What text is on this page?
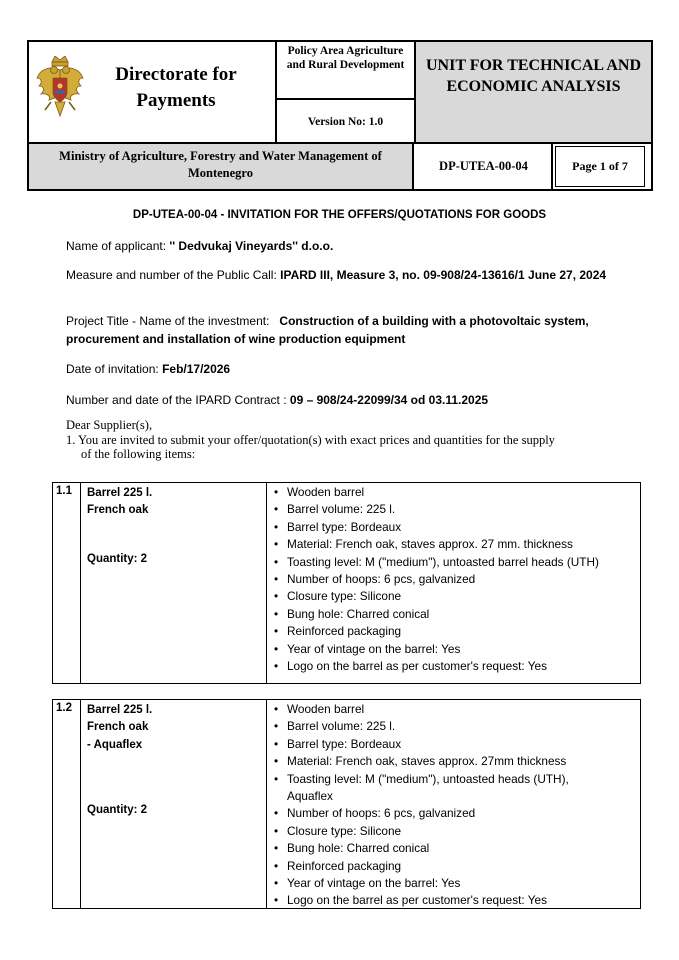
Directorate for Payments
Policy Area Agriculture and Rural Development
Version No: 1.0
UNIT FOR TECHNICAL AND ECONOMIC ANALYSIS
Ministry of Agriculture, Forestry and Water Management of Montenegro	DP-UTEA-00-04	Page 1 of 7
DP-UTEA-00-04 - INVITATION FOR THE OFFERS/QUOTATIONS FOR GOODS
Name of applicant: '' Dedvukaj Vineyards'' d.o.o.
Measure and number of the Public Call: IPARD III, Measure 3, no. 09-908/24-13616/1 June 27, 2024
Project Title - Name of the investment:   Construction of a building with a photovoltaic system, procurement and installation of wine production equipment
Date of invitation: Feb/17/2026
Number and date of the IPARD Contract : 09 – 908/24-22099/34 od 03.11.2025
Dear Supplier(s),
1. You are invited to submit your offer/quotation(s) with exact prices and quantities for the supply
of the following items:
1.1	Barrel 225 l.
French oak
Quantity: 2
• Wooden barrel
• Barrel volume: 225 l.
• Barrel type: Bordeaux
• Material: French oak, staves approx. 27 mm. thickness
• Toasting level: M ("medium"), untoasted barrel heads (UTH)
• Number of hoops: 6 pcs, galvanized
• Closure type: Silicone
• Bung hole: Charred conical
• Reinforced packaging
• Year of vintage on the barrel: Yes
• Logo on the barrel as per customer's request: Yes
1.2	Barrel 225 l.
French oak
- Aquaflex
Quantity: 2
• Wooden barrel
• Barrel volume: 225 l.
• Barrel type: Bordeaux
• Material: French oak, staves approx. 27mm thickness
• Toasting level: M ("medium"), untoasted heads (UTH), Aquaflex
• Number of hoops: 6 pcs, galvanized
• Closure type: Silicone
• Bung hole: Charred conical
• Reinforced packaging
• Year of vintage on the barrel: Yes
• Logo on the barrel as per customer's request: Yes
